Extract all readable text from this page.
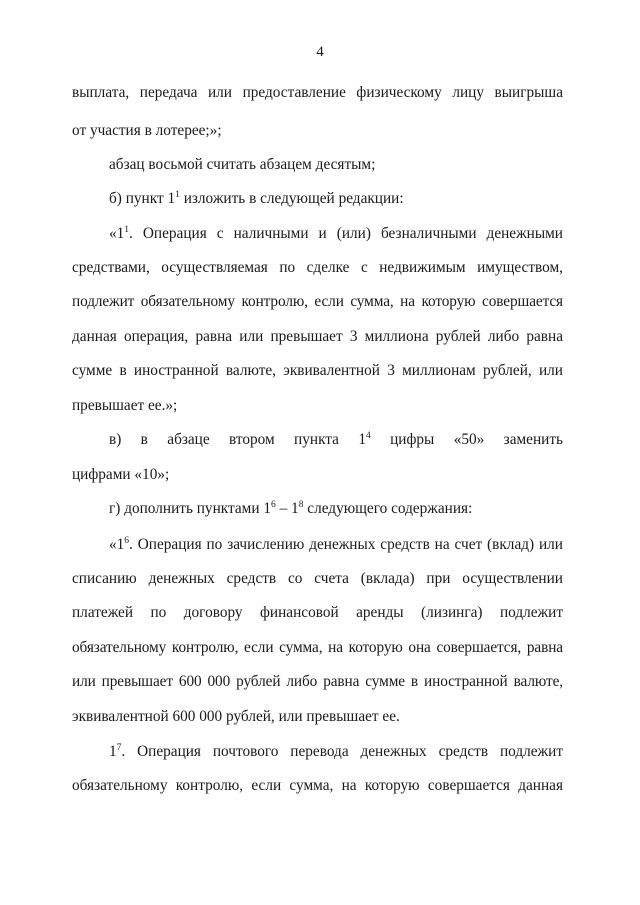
4
выплата, передача или предоставление физическому лицу выигрыша
от участия в лотерее;»;
абзац восьмой считать абзацем десятым;
б) пункт $1^1$ изложить в следующей редакции:
«$1^1$. Операция с наличными и (или) безналичными денежными
средствами, осуществляемая по сделке с недвижимым имуществом,
подлежит обязательному контролю, если сумма, на которую совершается
данная операция, равна или превышает 3 миллиона рублей либо равна
сумме в иностранной валюте, эквивалентной 3 миллионам рублей, или
превышает ее.»;
в) в абзаце втором пункта $1^4$ цифры «50» заменить
цифрами «10»;
г) дополнить пунктами $1^6 - 1^8$ следующего содержания:
«$1^6$. Операция по зачислению денежных средств на счет (вклад) или
списанию денежных средств со счета (вклада) при осуществлении
платежей по договору финансовой аренды (лизинга) подлежит
обязательному контролю, если сумма, на которую она совершается, равна
или превышает 600 000 рублей либо равна сумме в иностранной валюте,
эквивалентной 600 000 рублей, или превышает ее.
$1^7$. Операция почтового перевода денежных средств подлежит
обязательному контролю, если сумма, на которую совершается данная
